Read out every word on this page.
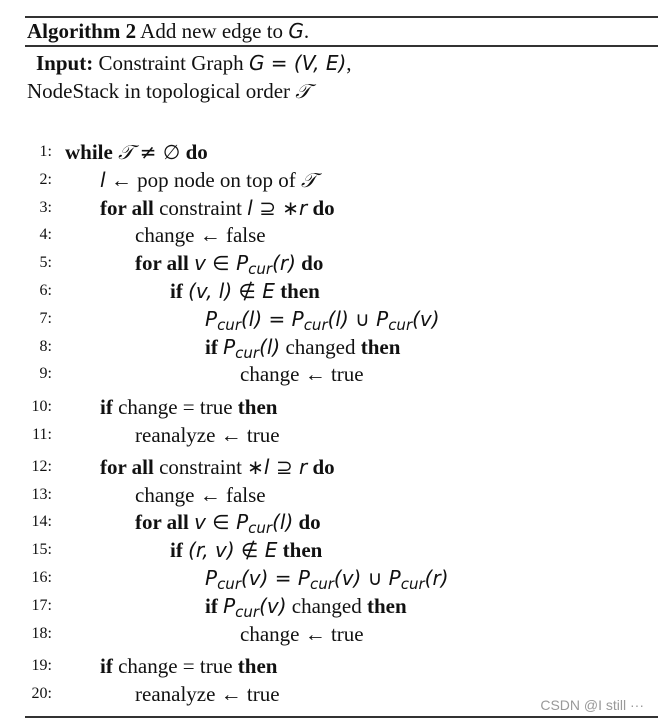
Algorithm 2 Add new edge to G.
Input: Constraint Graph G = (V, E),
NodeStack in topological order 𝒯
1: while 𝒯 ≠ ∅ do
2: l ← pop node on top of 𝒯
3: for all constraint l ⊇ ∗r do
4:	change ← false
5:	for all v ∈ $P_{cur}(r)$ do
6:	if (v, l) ∉ E then
7:	$P_{cur}(l) = P_{cur}(l)$ ∪ $P_{cur}(v)$
8:	if $P_{cur}(l)$ changed then
9:	change ← true
10: if change = true then
11:	reanalyze ← true
12: for all constraint ∗l ⊇ r do
13:	change ← false
14:	for all v ∈ $P_{cur}(l)$ do
15:	if (r, v) ∉ E then
16:	$P_{cur}(v) = P_{cur}(v)$ ∪ $P_{cur}(r)$
17:	if $P_{cur}(v)$ changed then
18:	change ← true
19: if change = true then
20:	reanalyze ← true	CSDN @I still ···
